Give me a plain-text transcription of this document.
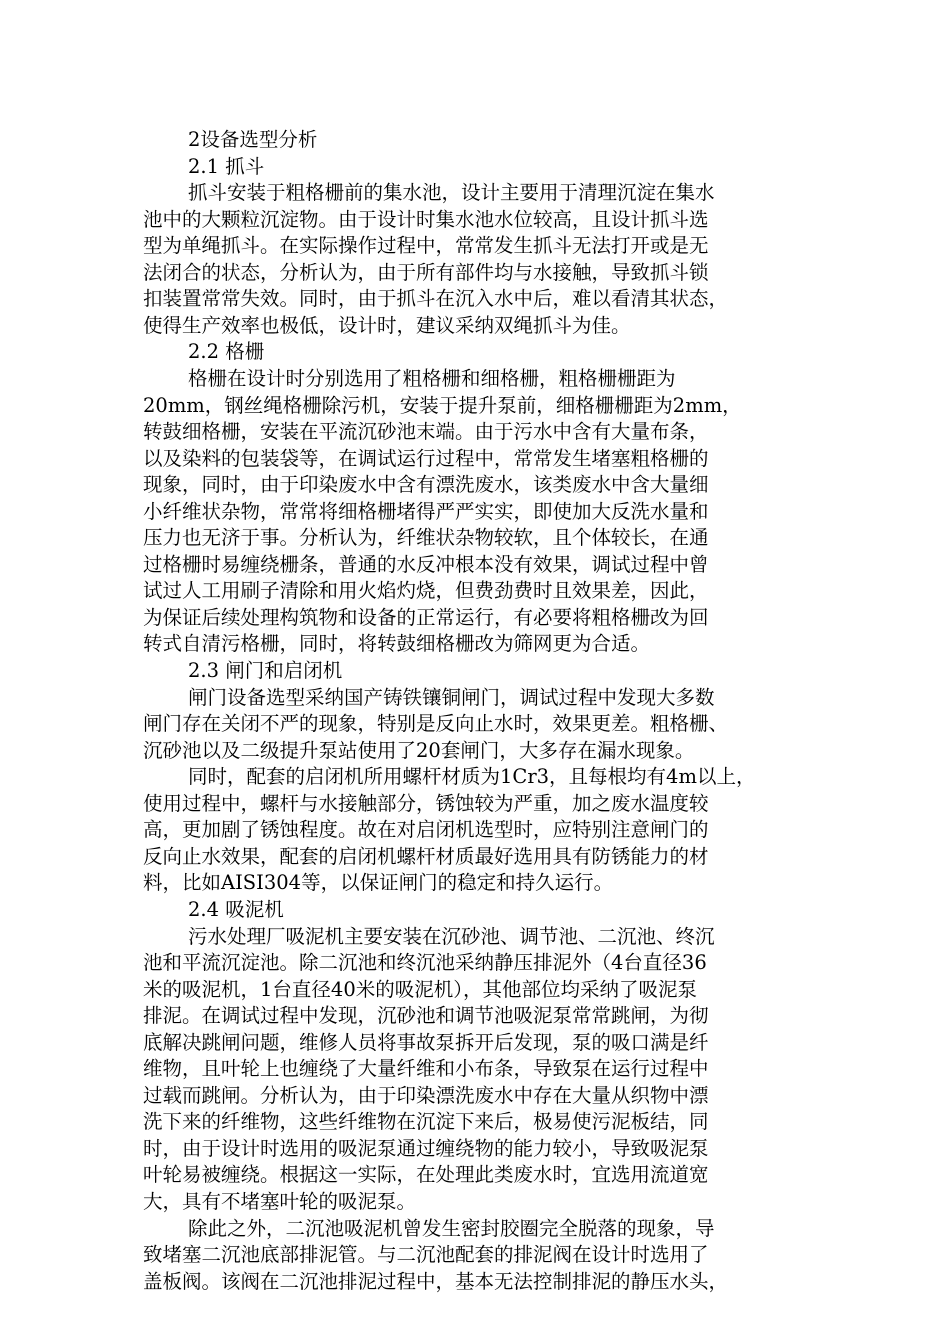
2设备选型分析
2.1 抓斗
抓斗安装于粗格栅前的集水池，设计主要用于清理沉淀在集水
池中的大颗粒沉淀物。由于设计时集水池水位较高，且设计抓斗选
型为单绳抓斗。在实际操作过程中，常常发生抓斗无法打开或是无
法闭合的状态，分析认为，由于所有部件均与水接触，导致抓斗锁
扣装置常常失效。同时，由于抓斗在沉入水中后，难以看清其状态，
使得生产效率也极低，设计时，建议采纳双绳抓斗为佳。
2.2 格栅
格栅在设计时分别选用了粗格栅和细格栅，粗格栅栅距为
20mm，钢丝绳格栅除污机，安装于提升泵前，细格栅栅距为2mm，
转鼓细格栅，安装在平流沉砂池末端。由于污水中含有大量布条，
以及染料的包装袋等，在调试运行过程中，常常发生堵塞粗格栅的
现象，同时，由于印染废水中含有漂洗废水，该类废水中含大量细
小纤维状杂物，常常将细格栅堵得严严实实，即使加大反洗水量和
压力也无济于事。分析认为，纤维状杂物较软，且个体较长，在通
过格栅时易缠绕栅条，普通的水反冲根本没有效果，调试过程中曾
试过人工用刷子清除和用火焰灼烧，但费劲费时且效果差，因此，
为保证后续处理构筑物和设备的正常运行，有必要将粗格栅改为回
转式自清污格栅，同时，将转鼓细格栅改为筛网更为合适。
2.3 闸门和启闭机
闸门设备选型采纳国产铸铁镶铜闸门，调试过程中发现大多数
闸门存在关闭不严的现象，特别是反向止水时，效果更差。粗格栅、
沉砂池以及二级提升泵站使用了20套闸门，大多存在漏水现象。
同时，配套的启闭机所用螺杆材质为1Cr3，且每根均有4m以上，
使用过程中，螺杆与水接触部分，锈蚀较为严重，加之废水温度较
高，更加剧了锈蚀程度。故在对启闭机选型时，应特别注意闸门的
反向止水效果，配套的启闭机螺杆材质最好选用具有防锈能力的材
料，比如AISI304等，以保证闸门的稳定和持久运行。
2.4 吸泥机
污水处理厂吸泥机主要安装在沉砂池、调节池、二沉池、终沉
池和平流沉淀池。除二沉池和终沉池采纳静压排泥外（4台直径36
米的吸泥机，1台直径40米的吸泥机），其他部位均采纳了吸泥泵
排泥。在调试过程中发现，沉砂池和调节池吸泥泵常常跳闸，为彻
底解决跳闸问题，维修人员将事故泵拆开后发现，泵的吸口满是纤
维物，且叶轮上也缠绕了大量纤维和小布条，导致泵在运行过程中
过载而跳闸。分析认为，由于印染漂洗废水中存在大量从织物中漂
洗下来的纤维物，这些纤维物在沉淀下来后，极易使污泥板结，同
时，由于设计时选用的吸泥泵通过缠绕物的能力较小，导致吸泥泵
叶轮易被缠绕。根据这一实际，在处理此类废水时，宜选用流道宽
大，具有不堵塞叶轮的吸泥泵。
除此之外，二沉池吸泥机曾发生密封胶圈完全脱落的现象，导
致堵塞二沉池底部排泥管。与二沉池配套的排泥阀在设计时选用了
盖板阀。该阀在二沉池排泥过程中，基本无法控制排泥的静压水头，
